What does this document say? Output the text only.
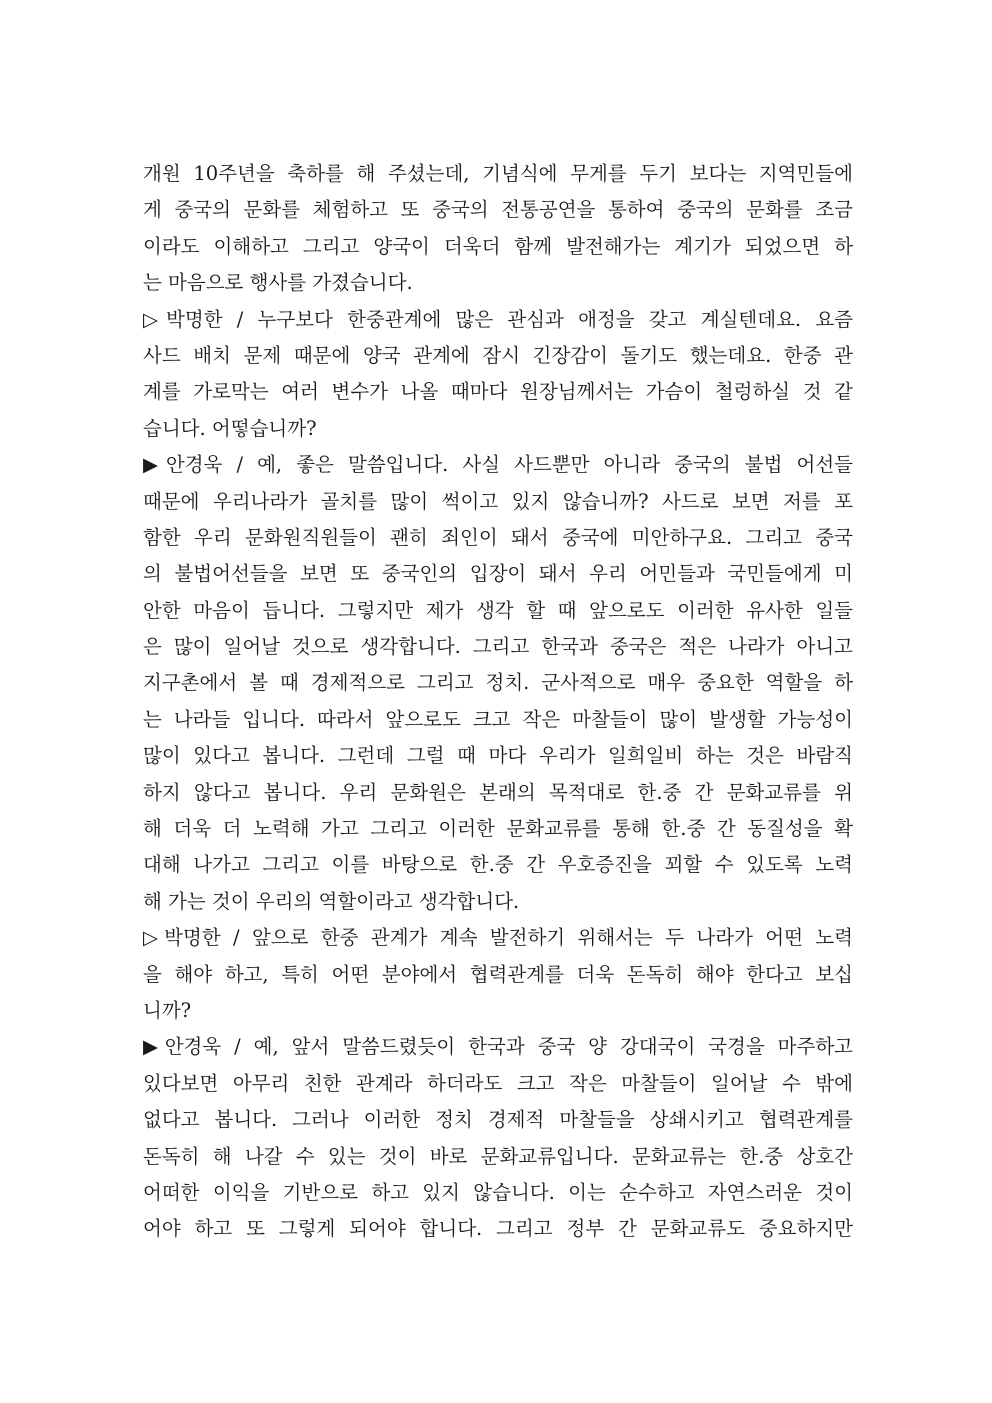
개원 10주년을 축하를 해 주셨는데, 기념식에 무게를 두기 보다는 지역민들에
게 중국의 문화를 체험하고 또 중국의 전통공연을 통하여 중국의 문화를 조금
이라도 이해하고 그리고 양국이 더욱더 함께 발전해가는 계기가 되었으면 하
는 마음으로 행사를 가졌습니다.
▷박명한 / 누구보다 한중관계에 많은 관심과 애정을 갖고 계실텐데요. 요즘
사드 배치 문제 때문에 양국 관계에 잠시 긴장감이 돌기도 했는데요. 한중 관
계를 가로막는 여러 변수가 나올 때마다 원장님께서는 가슴이 철렁하실 것 같
습니다. 어떻습니까?
▶안경욱 / 예, 좋은 말씀입니다. 사실 사드뿐만 아니라 중국의 불법 어선들
때문에 우리나라가 골치를 많이 썩이고 있지 않습니까? 사드로 보면 저를 포
함한 우리 문화원직원들이 괜히 죄인이 돼서 중국에 미안하구요. 그리고 중국
의 불법어선들을 보면 또 중국인의 입장이 돼서 우리 어민들과 국민들에게 미
안한 마음이 듭니다. 그렇지만 제가 생각 할 때 앞으로도 이러한 유사한 일들
은 많이 일어날 것으로 생각합니다. 그리고 한국과 중국은 적은 나라가 아니고
지구촌에서 볼 때 경제적으로 그리고 정치. 군사적으로 매우 중요한 역할을 하
는 나라들 입니다. 따라서 앞으로도 크고 작은 마찰들이 많이 발생할 가능성이
많이 있다고 봅니다. 그런데 그럴 때 마다 우리가 일희일비 하는 것은 바람직
하지 않다고 봅니다. 우리 문화원은 본래의 목적대로 한.중 간 문화교류를 위
해 더욱 더 노력해 가고 그리고 이러한 문화교류를 통해 한.중 간 동질성을 확
대해 나가고 그리고 이를 바탕으로 한.중 간 우호증진을 꾀할 수 있도록 노력
해 가는 것이 우리의 역할이라고 생각합니다.
▷박명한 / 앞으로 한중 관계가 계속 발전하기 위해서는 두 나라가 어떤 노력
을 해야 하고, 특히 어떤 분야에서 협력관계를 더욱 돈독히 해야 한다고 보십
니까?
▶안경욱 / 예, 앞서 말씀드렸듯이 한국과 중국 양 강대국이 국경을 마주하고
있다보면 아무리 친한 관계라 하더라도 크고 작은 마찰들이 일어날 수 밖에
없다고 봅니다. 그러나 이러한 정치 경제적 마찰들을 상쇄시키고 협력관계를
돈독히 해 나갈 수 있는 것이 바로 문화교류입니다. 문화교류는 한.중 상호간
어떠한 이익을 기반으로 하고 있지 않습니다. 이는 순수하고 자연스러운 것이
어야 하고 또 그렇게 되어야 합니다. 그리고 정부 간 문화교류도 중요하지만
